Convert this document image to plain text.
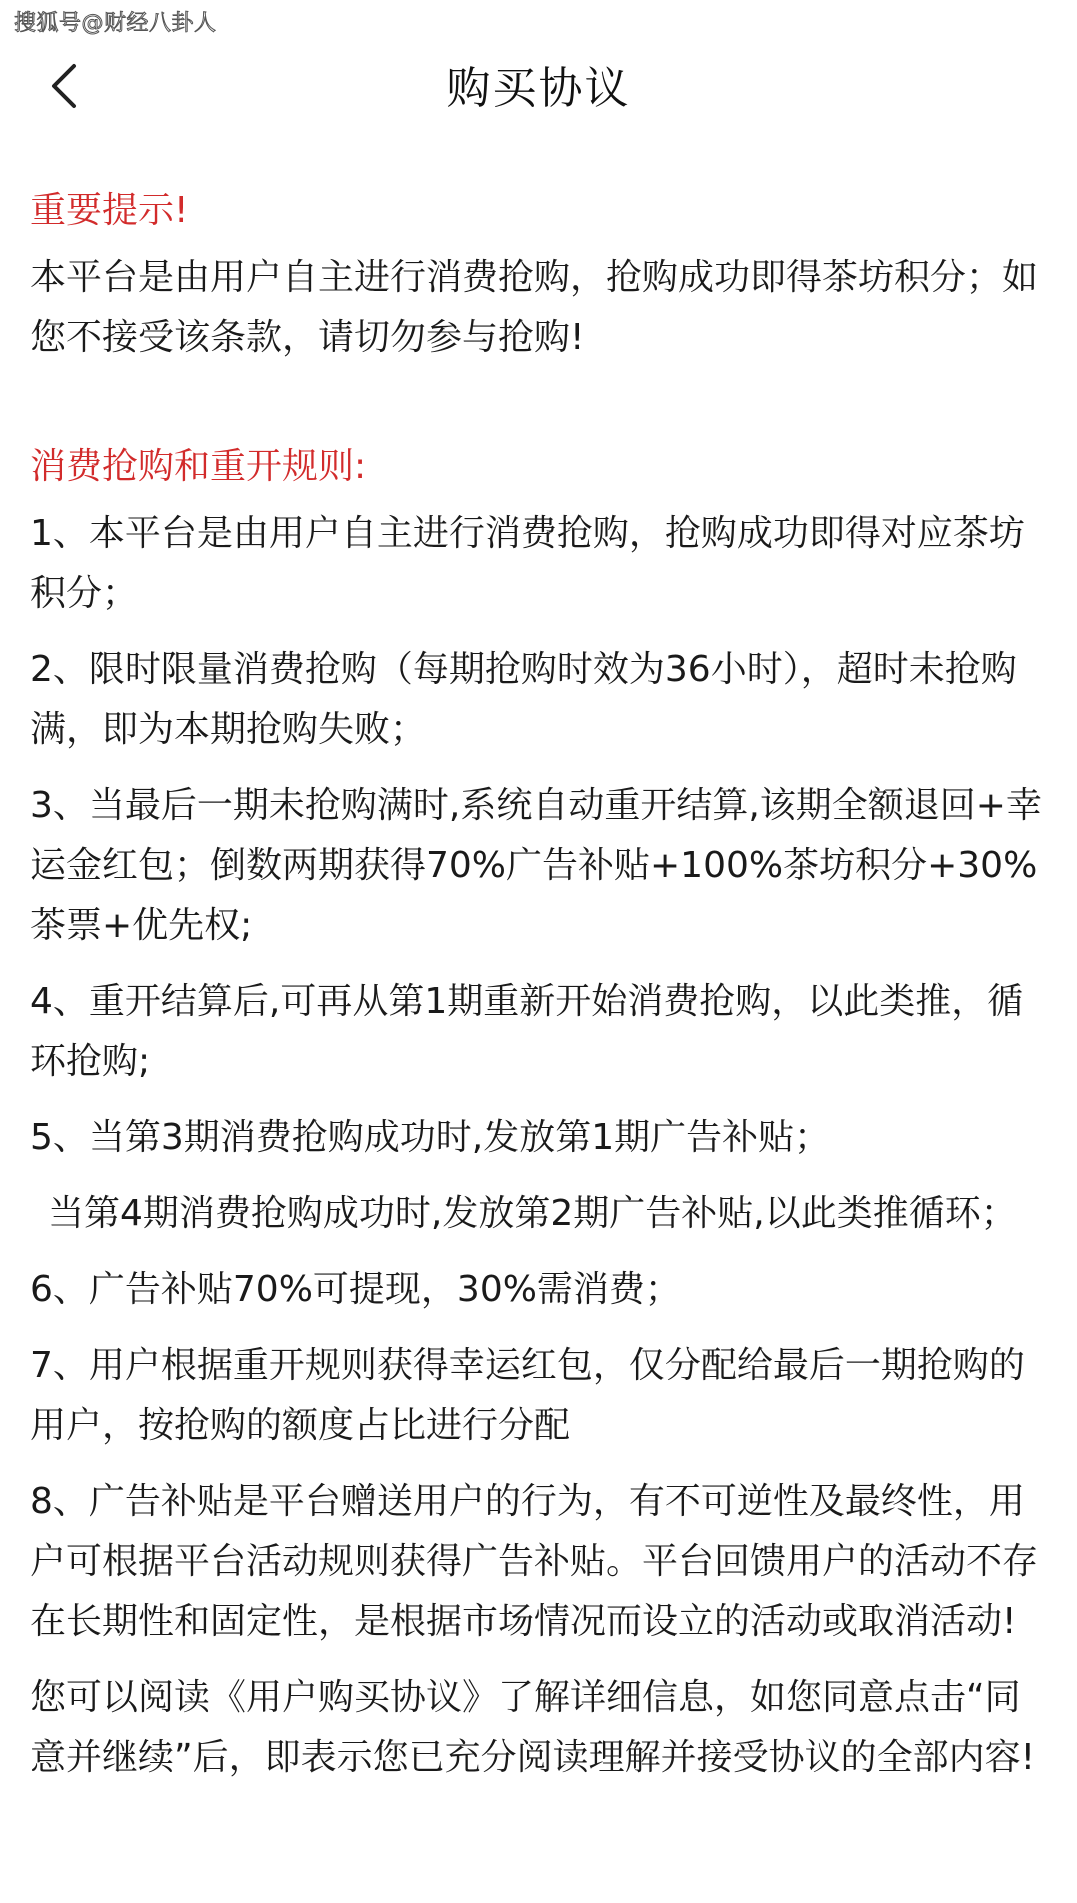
搜狐号@财经八卦人
购买协议
重要提示!
本平台是由用户自主进行消费抢购，抢购成功即得茶坊积分；如您不接受该条款，请切勿参与抢购!
消费抢购和重开规则:
1、本平台是由用户自主进行消费抢购，抢购成功即得对应茶坊积分；
2、限时限量消费抢购（每期抢购时效为36小时），超时未抢购满，即为本期抢购失败；
3、当最后一期未抢购满时,系统自动重开结算,该期全额退回+幸运金红包；倒数两期获得70%广告补贴+100%茶坊积分+30%茶票+优先权;
4、重开结算后,可再从第1期重新开始消费抢购，以此类推，循环抢购;
5、当第3期消费抢购成功时,发放第1期广告补贴；
当第4期消费抢购成功时,发放第2期广告补贴,以此类推循环；
6、广告补贴70%可提现，30%需消费；
7、用户根据重开规则获得幸运红包，仅分配给最后一期抢购的用户，按抢购的额度占比进行分配
8、广告补贴是平台赠送用户的行为，有不可逆性及最终性，用户可根据平台活动规则获得广告补贴。平台回馈用户的活动不存在长期性和固定性，是根据市场情况而设立的活动或取消活动!
您可以阅读《用户购买协议》了解详细信息，如您同意点击“同意并继续”后，即表示您已充分阅读理解并接受协议的全部内容!
